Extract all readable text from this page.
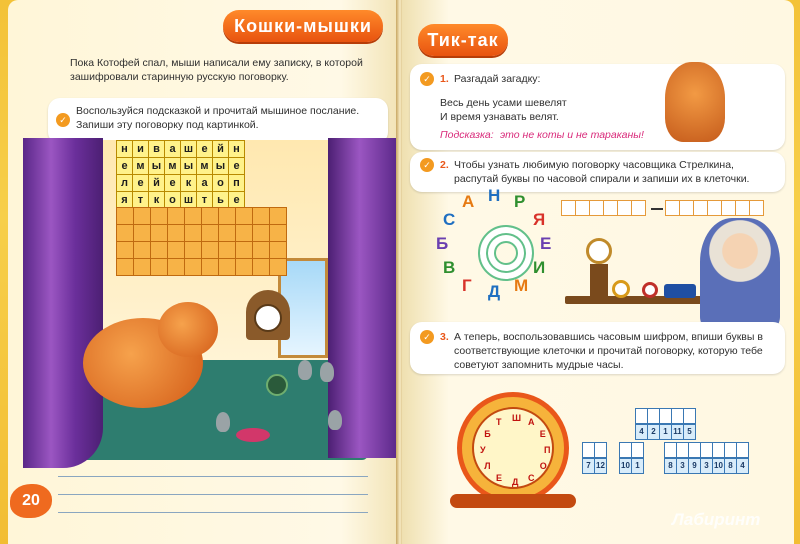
Кошки-мышки
Пока Котофей спал, мыши написали ему записку, в которой зашифровали старинную русскую поговорку.
✓
Воспользуйся подсказкой и прочитай мышиное послание. Запиши эту поговорку под картинкой.
н и в а ш е й н
е м ы м ы м ы е
л е й е к а о п
я т к о ш т ь е
20
Тик-так
✓ 1. Разгадай загадку:
Весь день усами шевелят
И время узнавать велят.
Подсказка: это не коты и не тараканы!
✓ 2. Чтобы узнать любимую поговорку часовщика Стрелкина, распутай буквы по часовой спирали и запиши их в клеточки.
Н Р
Я
Е
И
М
Д
Г
В
Б
С
А
✓ 3. А теперь, воспользовавшись часовым шифром, впиши буквы в соответствующие клеточки и прочитай поговорку, которую тебе советуют запомнить мудрые часы.
Ш А
Е
П
О
С
Д
Е
Л
У
Б
Т
4 2 1 11 5
7 12 10 1	8 3 9 3 10 8 4
Лабиринт
